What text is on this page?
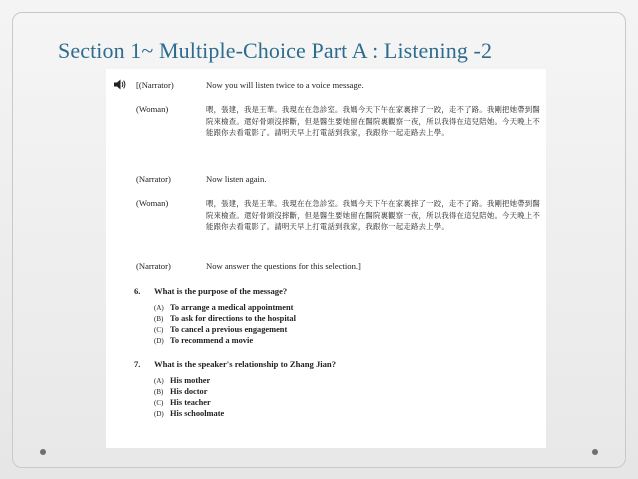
Section 1~ Multiple-Choice Part A : Listening -2
[(Narrator)	Now you will listen twice to a voice message.
(Woman)	喂，張建，我是王華。我現在在急診室。我媽今天下午在家裏摔了一跤，走不了路。我剛把她帶到醫院來檢查。還好骨頭沒摔斷，但是醫生要她留在醫院裏觀察一夜，所以我得在這兒陪她。今天晚上不能跟你去看電影了。請明天早上打電話到我家，我跟你一起走路去上學。
(Narrator)	Now listen again.
(Woman)	喂，張建，我是王華。我現在在急診室。我媽今天下午在家裏摔了一跤，走不了路。我剛把她帶到醫院來檢查。還好骨頭沒摔斷，但是醫生要她留在醫院裏觀察一夜，所以我得在這兒陪她。今天晚上不能跟你去看電影了。請明天早上打電話到我家，我跟你一起走路去上學。
(Narrator)	Now answer the questions for this selection.]
6. What is the purpose of the message?
(A) To arrange a medical appointment
(B) To ask for directions to the hospital
(C) To cancel a previous engagement
(D) To recommend a movie
7. What is the speaker's relationship to Zhang Jian?
(A) His mother
(B) His doctor
(C) His teacher
(D) His schoolmate
